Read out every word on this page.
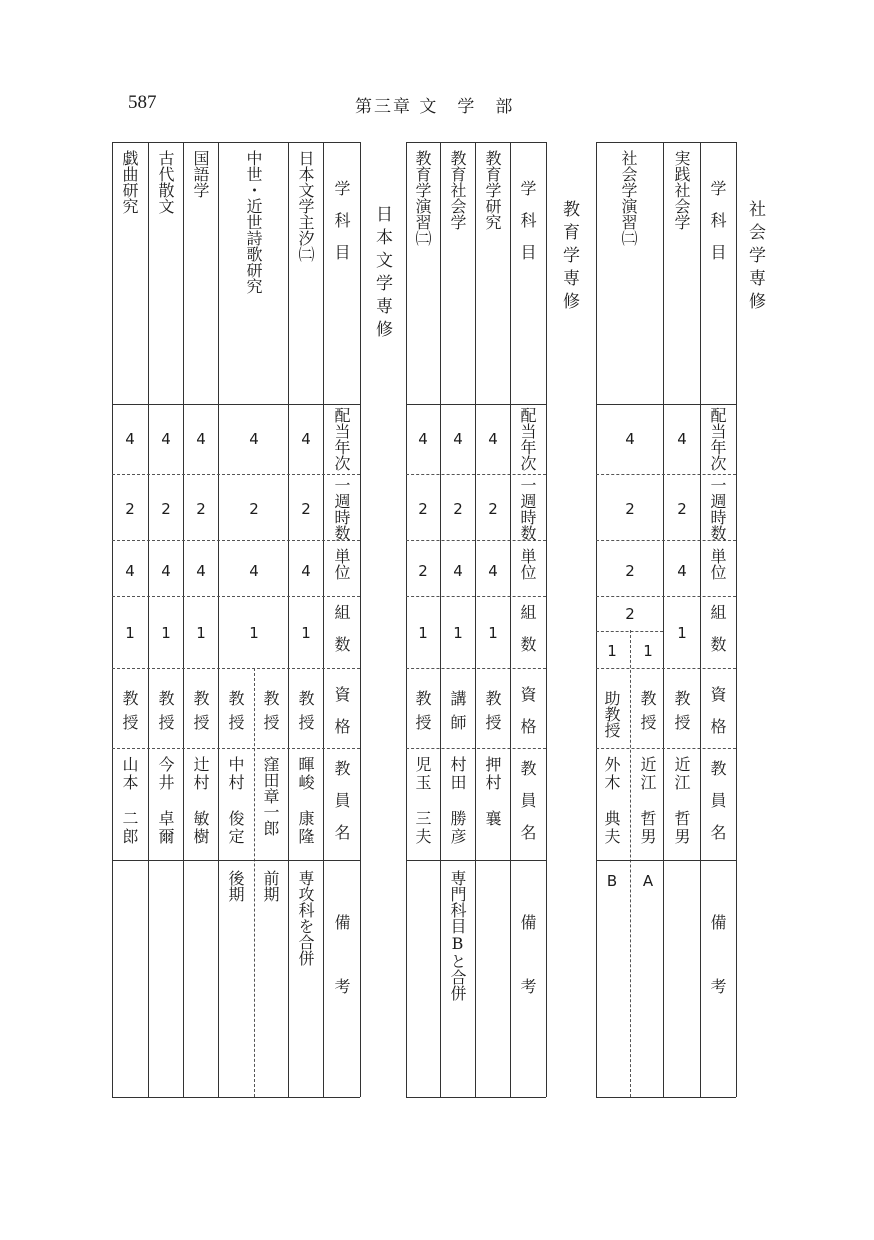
587	第三章 文　学　部
社会学専修
学　科　目
配当年次
一週時数
単位
組　数
資　格
教　員　名
備　　　考
実践社会学
4
2
4
1
教授
近江　哲男
社会学演習㈡
4
2
2
2
1
教授
近江　哲男
A
1
助教授
外木　典夫
B
教育学専修
学　科　目
配当年次
一週時数
単位
組　数
資　格
教　員　名
備　　　考
教育学研究
4
2
4
1
教授
押村　襄
教育社会学
4
2
4
1
講師
村田　勝彦
専門科目Bと合併
教育学演習㈡
4
2
2
1
教授
児玉　三夫
日本文学専修
学　科　目
配当年次
一週時数
単位
組　数
資　格
教　員　名
備　　　考
日本文学主汐㈡
4
2
4
1
教授
暉峻　康隆
専攻科を合併
中世・近世詩歌研究
4
2
4
1
教授
窪田章一郎
前期
教授
中村　俊定
後期
国語学
4
2
4
1
教授
辻村　敏樹
古代散文
4
2
4
1
教授
今井　卓爾
戯曲研究
4
2
4
1
教授
山本　二郎
